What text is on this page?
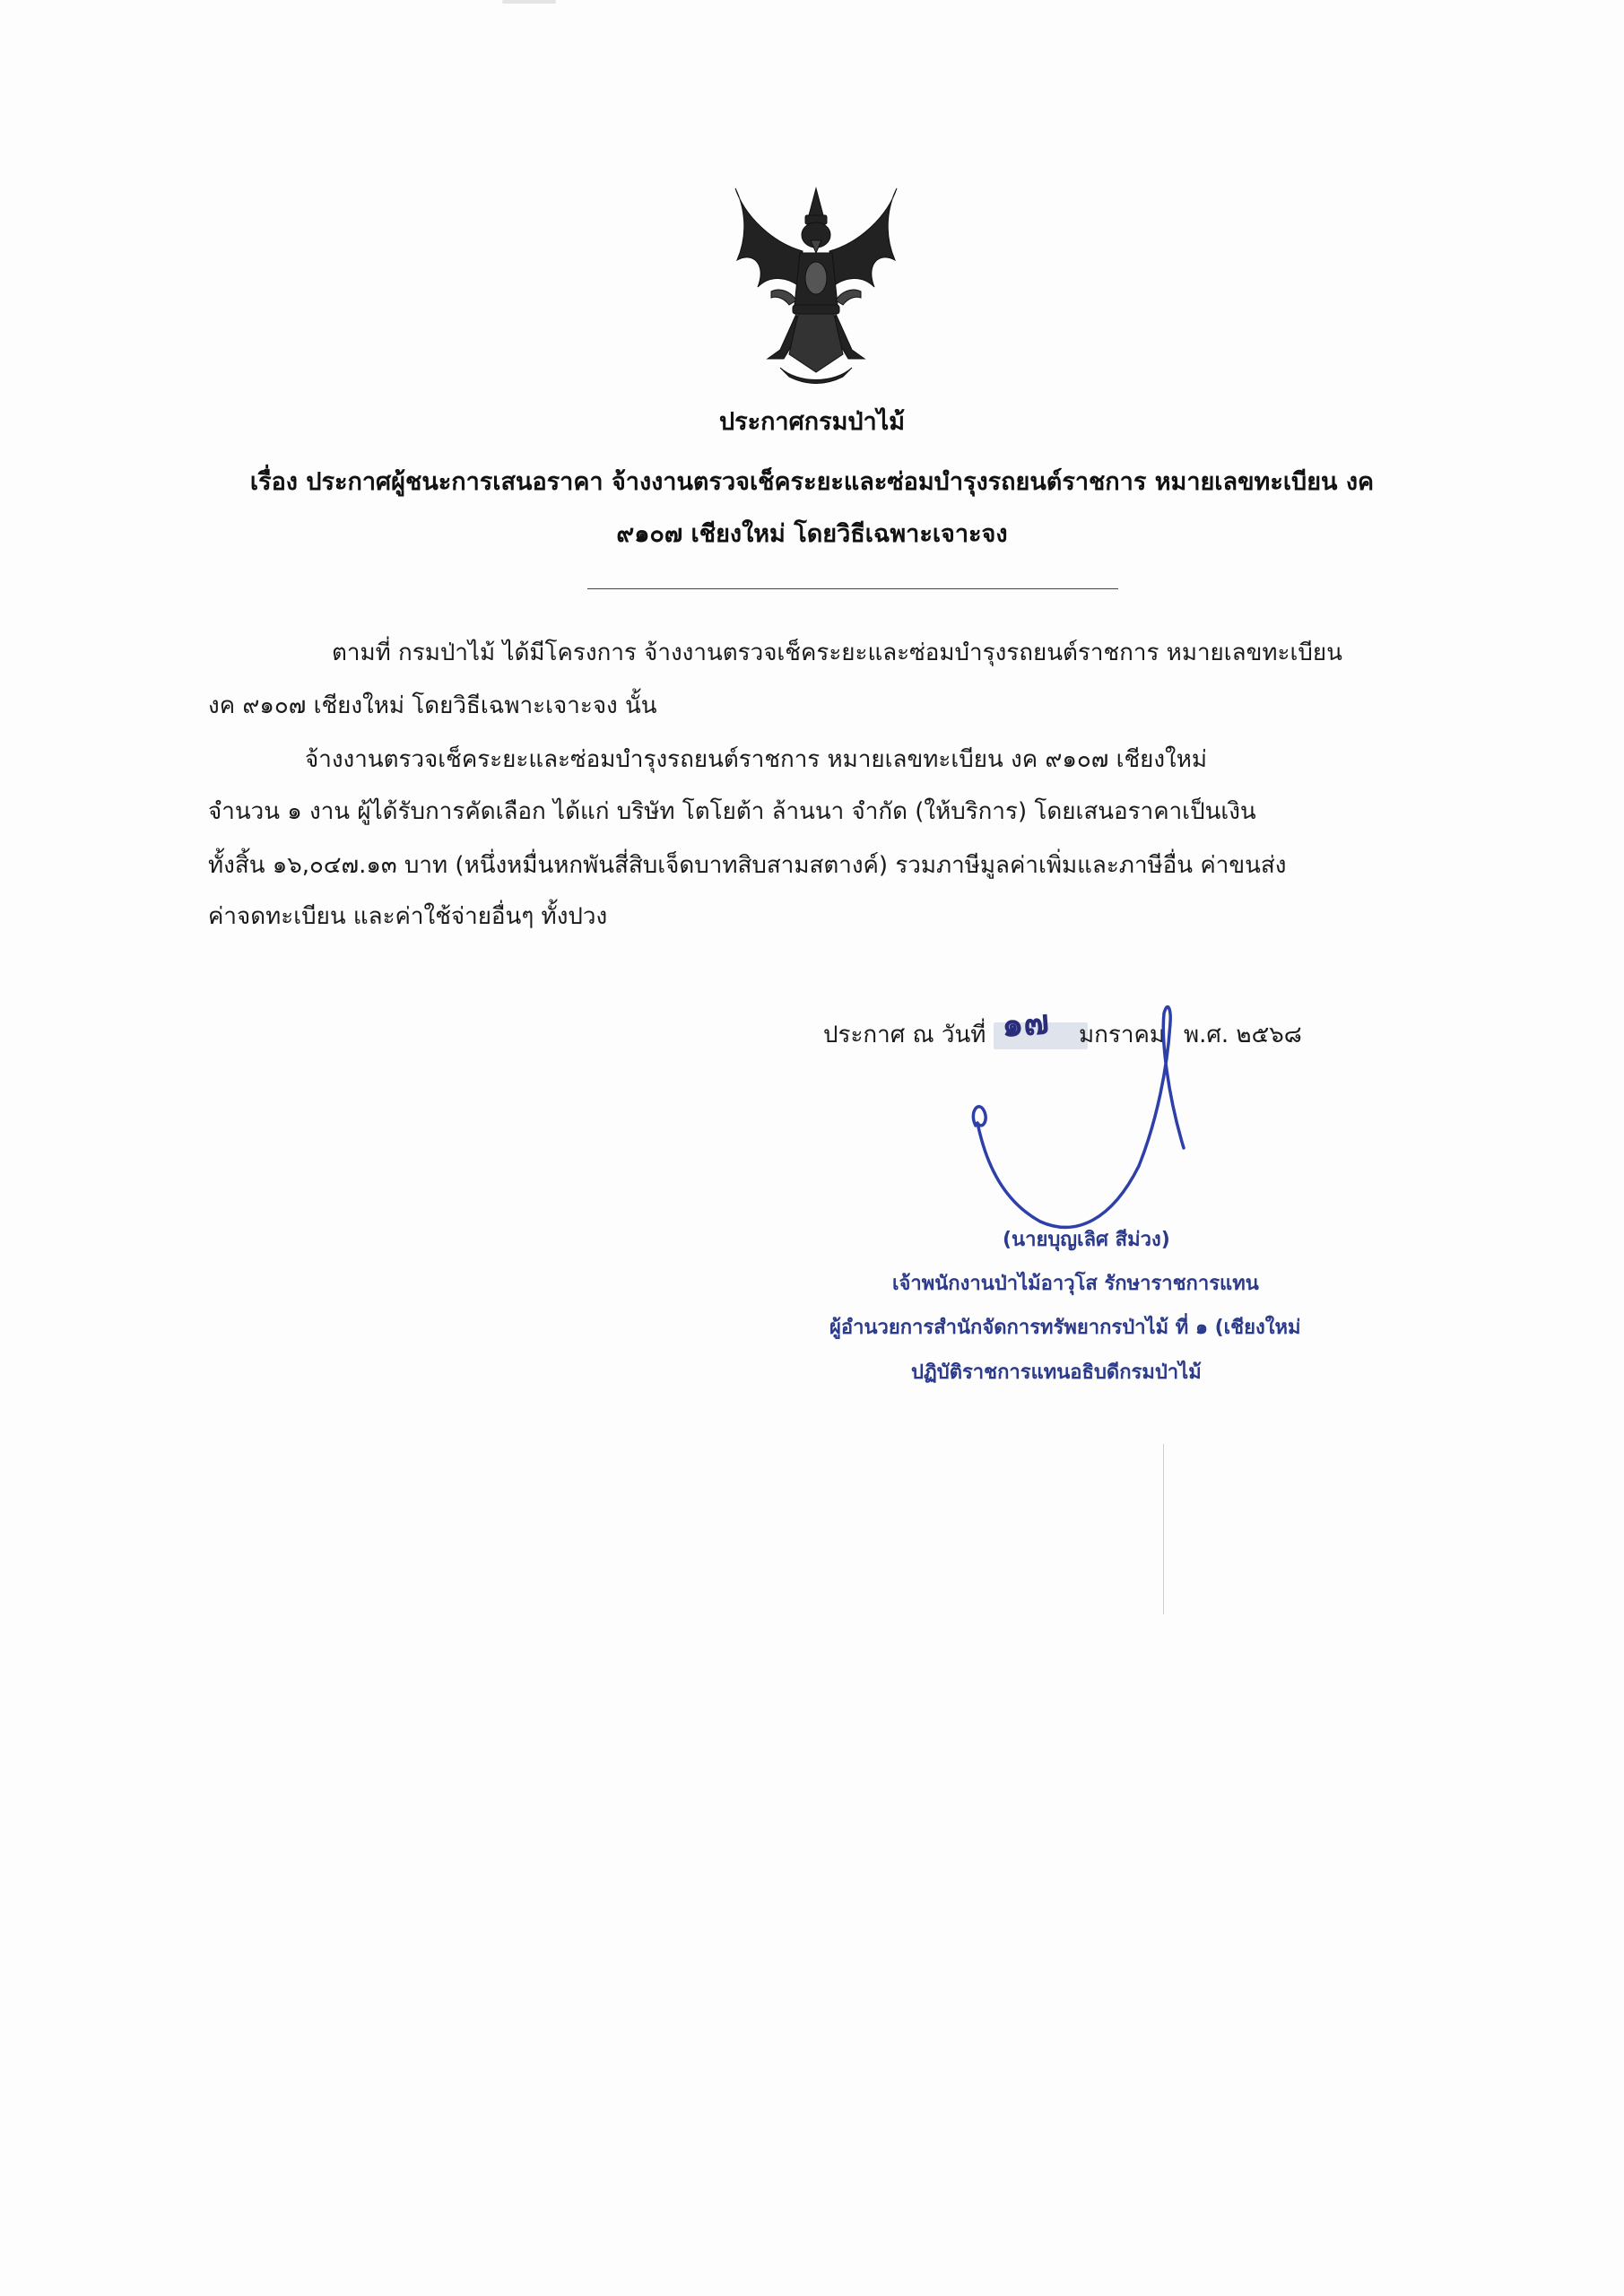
ประกาศกรมป่าไม้
เรื่อง ประกาศผู้ชนะการเสนอราคา จ้างงานตรวจเช็คระยะและซ่อมบำรุงรถยนต์ราชการ หมายเลขทะเบียน งค
๙๑๐๗ เชียงใหม่ โดยวิธีเฉพาะเจาะจง
ตามที่ กรมป่าไม้ ได้มีโครงการ จ้างงานตรวจเช็คระยะและซ่อมบำรุงรถยนต์ราชการ หมายเลขทะเบียน
งค ๙๑๐๗ เชียงใหม่ โดยวิธีเฉพาะเจาะจง นั้น
จ้างงานตรวจเช็คระยะและซ่อมบำรุงรถยนต์ราชการ หมายเลขทะเบียน งค ๙๑๐๗ เชียงใหม่
จำนวน ๑ งาน ผู้ได้รับการคัดเลือก ได้แก่ บริษัท โตโยต้า ล้านนา จำกัด (ให้บริการ) โดยเสนอราคาเป็นเงิน
ทั้งสิ้น ๑๖,๐๔๗.๑๓ บาท (หนึ่งหมื่นหกพันสี่สิบเจ็ดบาทสิบสามสตางค์) รวมภาษีมูลค่าเพิ่มและภาษีอื่น ค่าขนส่ง
ค่าจดทะเบียน และค่าใช้จ่ายอื่นๆ ทั้งปวง
ประกาศ ณ วันที่ ๑๗ มกราคม พ.ศ. ๒๕๖๘
(นายบุญเลิศ สีม่วง)
เจ้าพนักงานป่าไม้อาวุโส รักษาราชการแทน
ผู้อำนวยการสำนักจัดการทรัพยากรป่าไม้ ที่ ๑ (เชียงใหม่
ปฏิบัติราชการแทนอธิบดีกรมป่าไม้
